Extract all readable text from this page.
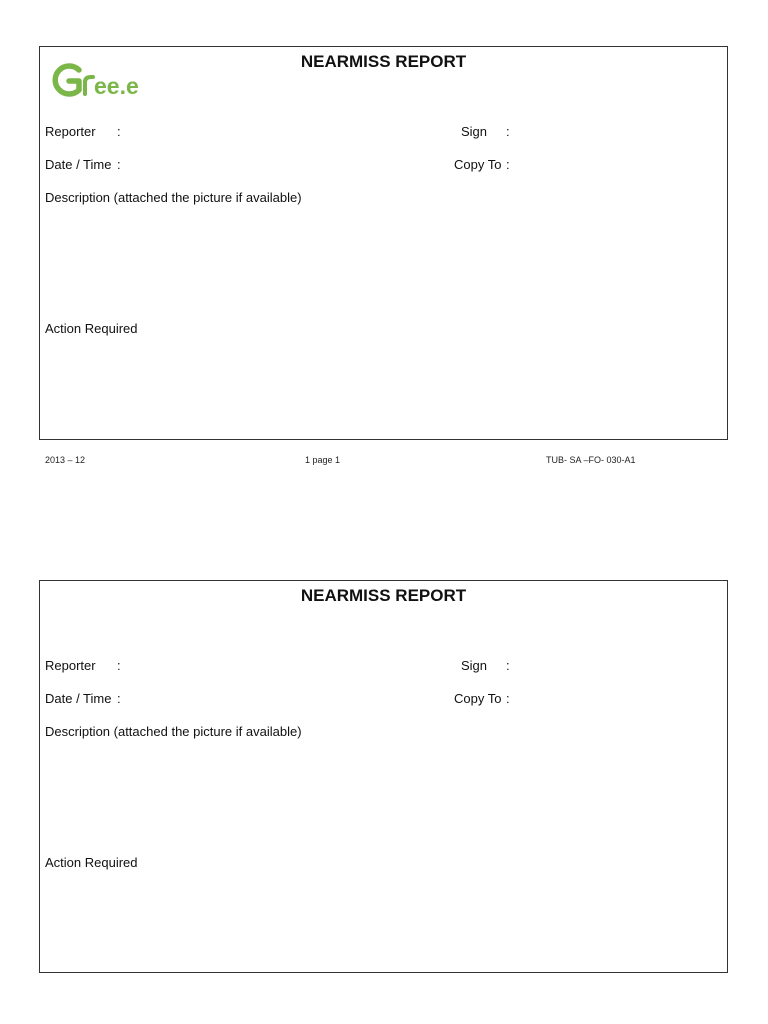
ee.e
NEARMISS REPORT
Reporter :	Sign :
Date / Time :	Copy To :
Description (attached the picture if available)
Action Required
2013 – 12	1 page 1	TUB- SA –FO- 030-A1
NEARMISS REPORT
Reporter :	Sign :
Date / Time :	Copy To :
Description (attached the picture if available)
Action Required
